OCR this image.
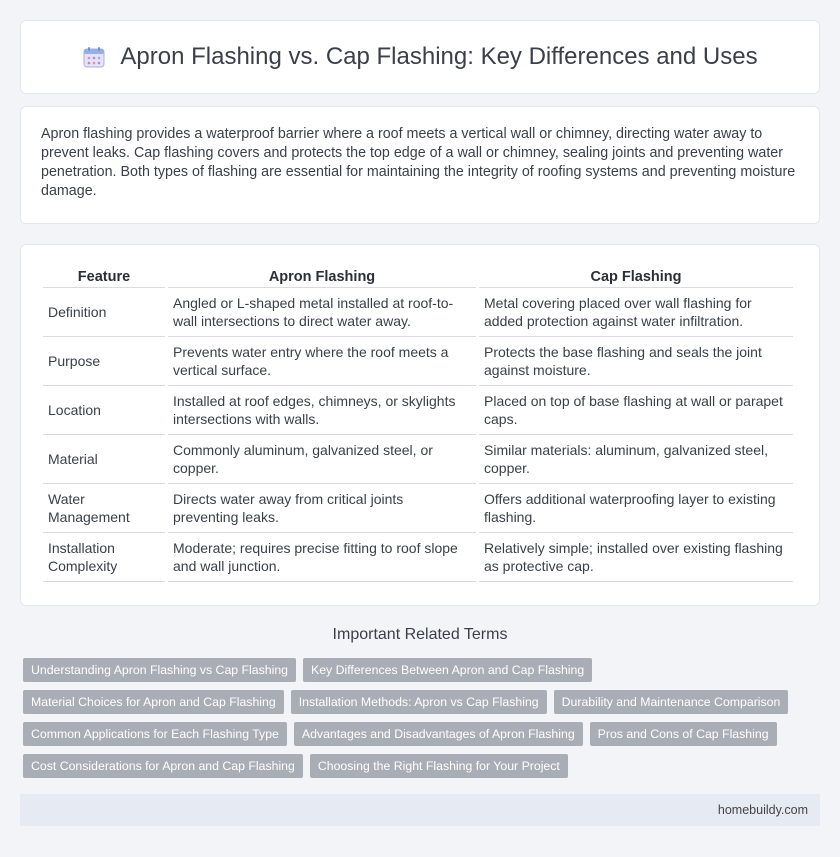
Apron Flashing vs. Cap Flashing: Key Differences and Uses

Apron flashing provides a waterproof barrier where a roof meets a vertical wall or chimney, directing water away to prevent leaks. Cap flashing covers and protects the top edge of a wall or chimney, sealing joints and preventing water penetration. Both types of flashing are essential for maintaining the integrity of roofing systems and preventing moisture damage.

Feature	Apron Flashing	Cap Flashing
Definition	Angled or L-shaped metal installed at roof-to-wall intersections to direct water away.	Metal covering placed over wall flashing for added protection against water infiltration.
Purpose	Prevents water entry where the roof meets a vertical surface.	Protects the base flashing and seals the joint against moisture.
Location	Installed at roof edges, chimneys, or skylights intersections with walls.	Placed on top of base flashing at wall or parapet caps.
Material	Commonly aluminum, galvanized steel, or copper.	Similar materials: aluminum, galvanized steel, copper.
Water Management	Directs water away from critical joints preventing leaks.	Offers additional waterproofing layer to existing flashing.
Installation Complexity	Moderate; requires precise fitting to roof slope and wall junction.	Relatively simple; installed over existing flashing as protective cap.
Important Related Terms
Understanding Apron Flashing vs Cap Flashing	Key Differences Between Apron and Cap Flashing
Material Choices for Apron and Cap Flashing	Installation Methods: Apron vs Cap Flashing	Durability and Maintenance Comparison
Common Applications for Each Flashing Type	Advantages and Disadvantages of Apron Flashing	Pros and Cons of Cap Flashing
Cost Considerations for Apron and Cap Flashing	Choosing the Right Flashing for Your Project
homebuildy.com
